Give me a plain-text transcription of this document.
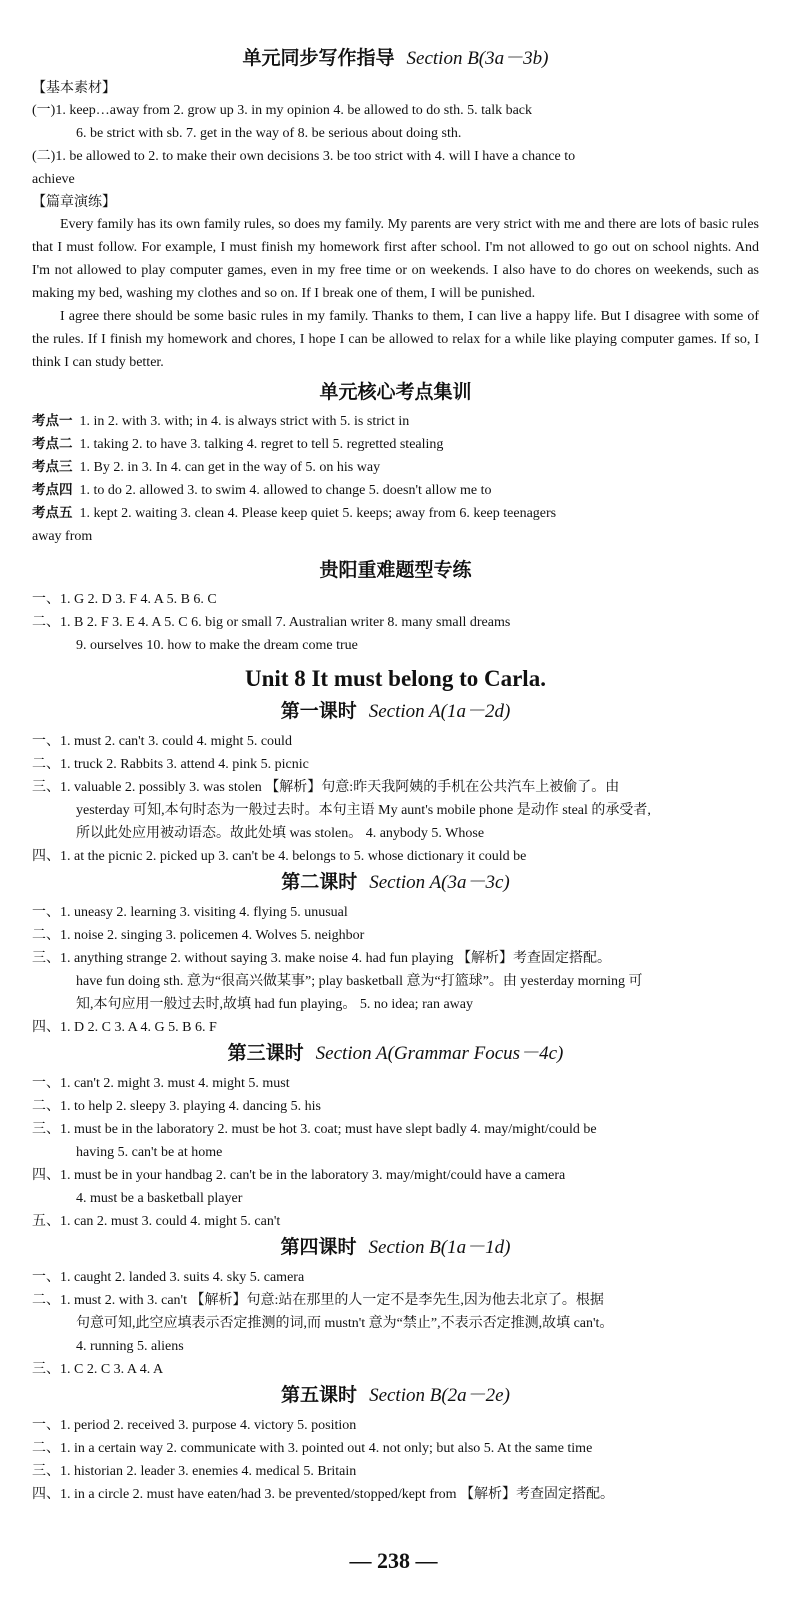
单元同步写作指导 Section B(3a－3b)
【基本素材】
(一)1. keep…away from 2. grow up 3. in my opinion 4. be allowed to do sth. 5. talk back
6. be strict with sb. 7. get in the way of 8. be serious about doing sth.
(二)1. be allowed to 2. to make their own decisions 3. be too strict with 4. will I have a chance to
achieve
【篇章演练】

Every family has its own family rules, so does my family. My parents are very strict with me and there are lots of basic rules that I must follow. For example, I must finish my homework first after school. I'm not allowed to go out on school nights. And I'm not allowed to play computer games, even in my free time or on weekends. I also have to do chores on weekends, such as making my bed, washing my clothes and so on. If I break one of them, I will be punished.

I agree there should be some basic rules in my family. Thanks to them, I can live a happy life. But I disagree with some of the rules. If I finish my homework and chores, I hope I can be allowed to relax for a while like playing computer games. If so, I think I can study better.

单元核心考点集训
考点一 1. in 2. with 3. with; in 4. is always strict with 5. is strict in
考点二 1. taking 2. to have 3. talking 4. regret to tell 5. regretted stealing
考点三 1. By 2. in 3. In 4. can get in the way of 5. on his way
考点四 1. to do 2. allowed 3. to swim 4. allowed to change 5. doesn't allow me to
考点五 1. kept 2. waiting 3. clean 4. Please keep quiet 5. keeps; away from 6. keep teenagers
away from
贵阳重难题型专练
一、1. G 2. D 3. F 4. A 5. B 6. C
二、1. B 2. F 3. E 4. A 5. C 6. big or small 7. Australian writer 8. many small dreams
9. ourselves 10. how to make the dream come true
Unit 8 It must belong to Carla.
第一课时 Section A(1a－2d)
一、1. must 2. can't 3. could 4. might 5. could
二、1. truck 2. Rabbits 3. attend 4. pink 5. picnic
三、1. valuable 2. possibly 3. was stolen 【解析】句意:昨天我阿姨的手机在公共汽车上被偷了。由
yesterday 可知,本句时态为一般过去时。本句主语 My aunt's mobile phone 是动作 steal 的承受者,
所以此处应用被动语态。故此处填 was stolen。 4. anybody 5. Whose
四、1. at the picnic 2. picked up 3. can't be 4. belongs to 5. whose dictionary it could be
第二课时 Section A(3a－3c)
一、1. uneasy 2. learning 3. visiting 4. flying 5. unusual
二、1. noise 2. singing 3. policemen 4. Wolves 5. neighbor
三、1. anything strange 2. without saying 3. make noise 4. had fun playing 【解析】考查固定搭配。
have fun doing sth. 意为“很高兴做某事”; play basketball 意为“打篮球”。由 yesterday morning 可
知,本句应用一般过去时,故填 had fun playing。 5. no idea; ran away
四、1. D 2. C 3. A 4. G 5. B 6. F
第三课时 Section A(Grammar Focus－4c)
一、1. can't 2. might 3. must 4. might 5. must
二、1. to help 2. sleepy 3. playing 4. dancing 5. his
三、1. must be in the laboratory 2. must be hot 3. coat; must have slept badly 4. may/might/could be
having 5. can't be at home
四、1. must be in your handbag 2. can't be in the laboratory 3. may/might/could have a camera
4. must be a basketball player
五、1. can 2. must 3. could 4. might 5. can't
第四课时 Section B(1a－1d)
一、1. caught 2. landed 3. suits 4. sky 5. camera
二、1. must 2. with 3. can't 【解析】句意:站在那里的人一定不是李先生,因为他去北京了。根据
句意可知,此空应填表示否定推测的词,而 mustn't 意为“禁止”,不表示否定推测,故填 can't。
4. running 5. aliens
三、1. C 2. C 3. A 4. A
第五课时 Section B(2a－2e)
一、1. period 2. received 3. purpose 4. victory 5. position
二、1. in a certain way 2. communicate with 3. pointed out 4. not only; but also 5. At the same time
三、1. historian 2. leader 3. enemies 4. medical 5. Britain
四、1. in a circle 2. must have eaten/had 3. be prevented/stopped/kept from 【解析】考查固定搭配。
— 238 —
